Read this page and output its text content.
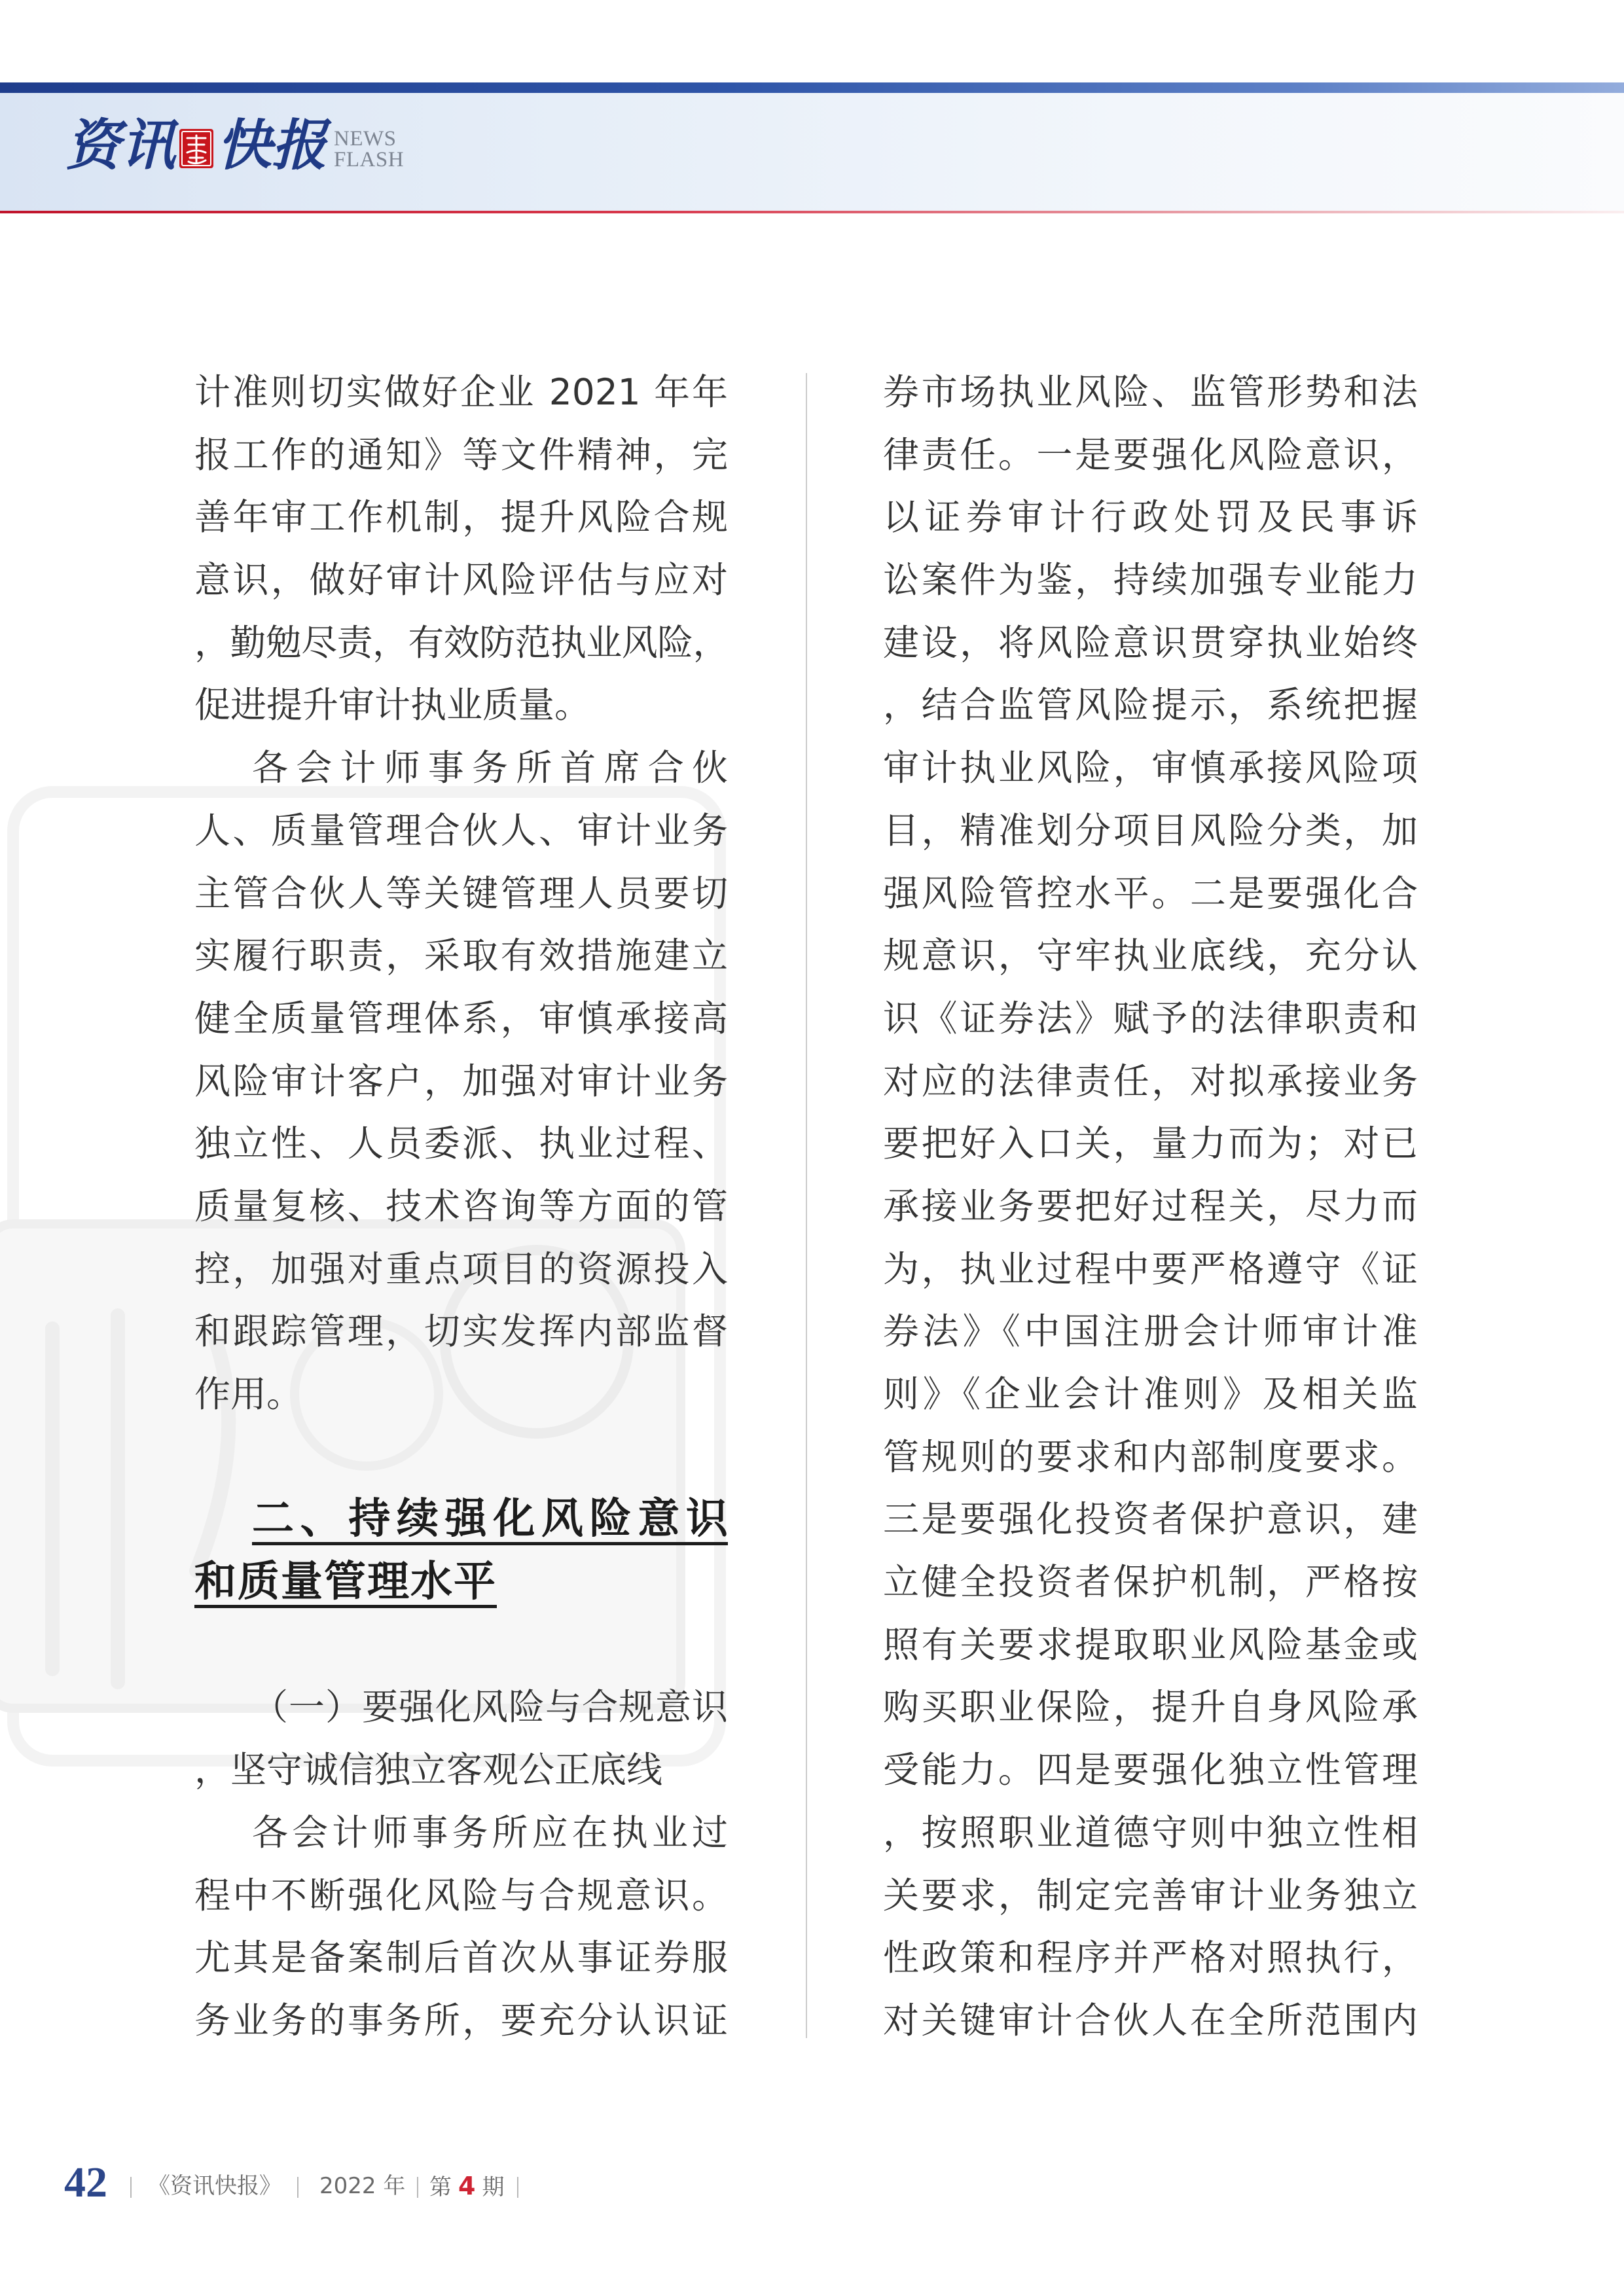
资讯 快报 NEWS
FLASH
计准则切实做好企业 2021 年年
报工作的通知》等文件精神，完
善年审工作机制，提升风险合规
意识，做好审计风险评估与应对
，勤勉尽责，有效防范执业风险，
促进提升审计执业质量。
各会计师事务所首席合伙
人、质量管理合伙人、审计业务
主管合伙人等关键管理人员要切
实履行职责，采取有效措施建立
健全质量管理体系，审慎承接高
风险审计客户，加强对审计业务
独立性、人员委派、执业过程、
质量复核、技术咨询等方面的管
控，加强对重点项目的资源投入
和跟踪管理，切实发挥内部监督
作用。
二、持续强化风险意识
和质量管理水平
（一）要强化风险与合规意识
，坚守诚信独立客观公正底线
各会计师事务所应在执业过
程中不断强化风险与合规意识。
尤其是备案制后首次从事证券服
务业务的事务所，要充分认识证
券市场执业风险、监管形势和法
律责任。一是要强化风险意识，
以证券审计行政处罚及民事诉
讼案件为鉴，持续加强专业能力
建设，将风险意识贯穿执业始终
，结合监管风险提示，系统把握
审计执业风险，审慎承接风险项
目，精准划分项目风险分类，加
强风险管控水平。二是要强化合
规意识，守牢执业底线，充分认
识《证券法》赋予的法律职责和
对应的法律责任，对拟承接业务
要把好入口关，量力而为；对已
承接业务要把好过程关，尽力而
为，执业过程中要严格遵守《证
券法》《中国注册会计师审计准
则》《企业会计准则》及相关监
管规则的要求和内部制度要求。
三是要强化投资者保护意识，建
立健全投资者保护机制，严格按
照有关要求提取职业风险基金或
购买职业保险，提升自身风险承
受能力。四是要强化独立性管理
，按照职业道德守则中独立性相
关要求，制定完善审计业务独立
性政策和程序并严格对照执行，
对关键审计合伙人在全所范围内
42 《资讯快报》 2022 年 第 4 期
